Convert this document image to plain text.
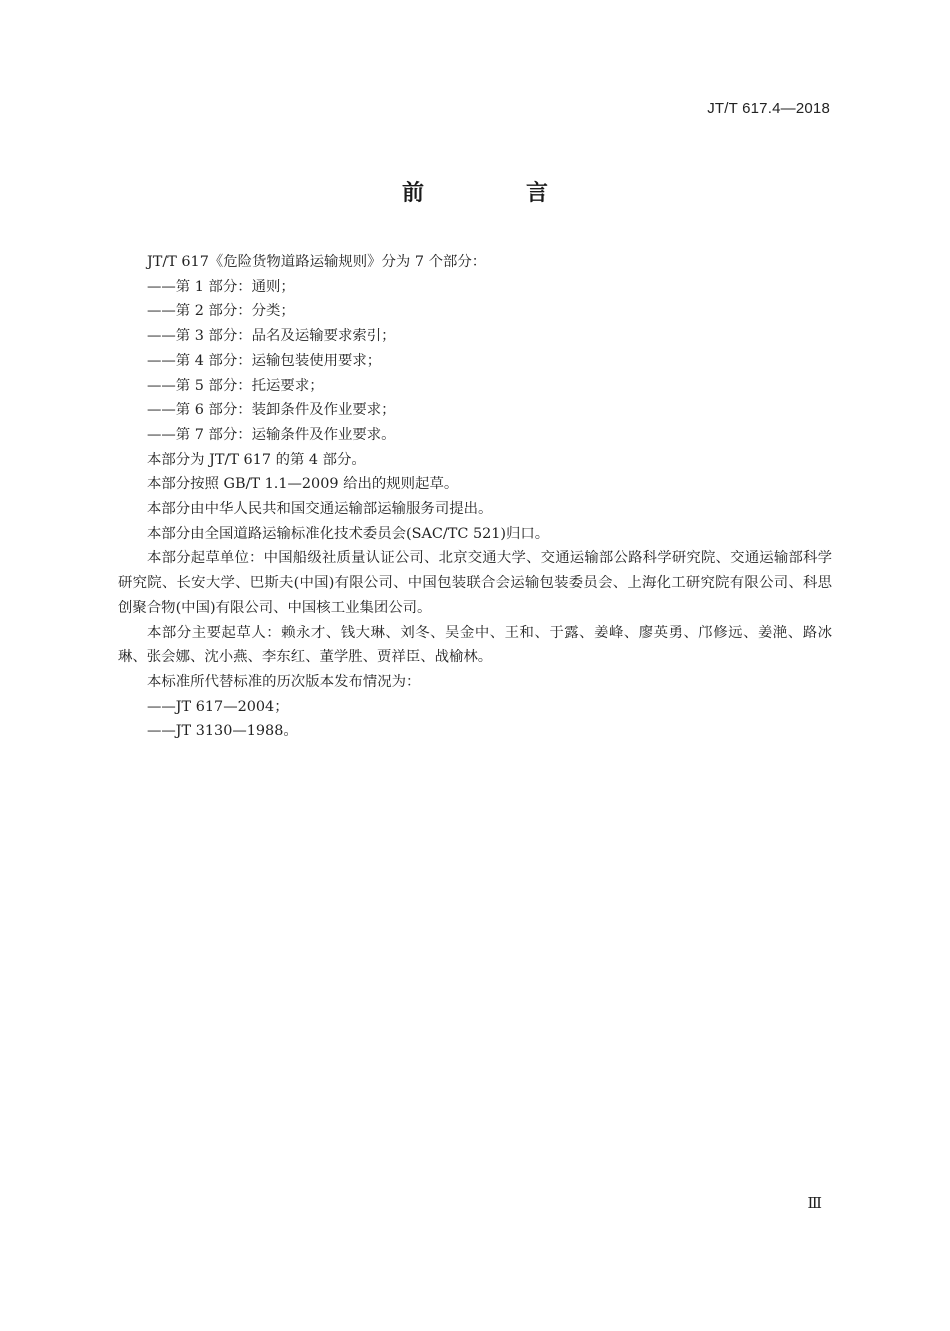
JT/T 617.4—2018
前　言

JT/T 617《危险货物道路运输规则》分为 7 个部分：

——第 1 部分：通则；

——第 2 部分：分类；

——第 3 部分：品名及运输要求索引；

——第 4 部分：运输包装使用要求；

——第 5 部分：托运要求；

——第 6 部分：装卸条件及作业要求；

——第 7 部分：运输条件及作业要求。

本部分为 JT/T 617 的第 4 部分。

本部分按照 GB/T 1.1—2009 给出的规则起草。

本部分由中华人民共和国交通运输部运输服务司提出。

本部分由全国道路运输标准化技术委员会(SAC/TC 521)归口。

本部分起草单位：中国船级社质量认证公司、北京交通大学、交通运输部公路科学研究院、交通运输部科学研究院、长安大学、巴斯夫(中国)有限公司、中国包装联合会运输包装委员会、上海化工研究院有限公司、科思创聚合物(中国)有限公司、中国核工业集团公司。

本部分主要起草人：赖永才、钱大琳、刘冬、吴金中、王和、于露、姜峰、廖英勇、邝修远、姜滟、路冰琳、张会娜、沈小燕、李东红、董学胜、贾祥臣、战榆林。

本标准所代替标准的历次版本发布情况为：

——JT 617—2004；

——JT 3130—1988。

Ⅲ
